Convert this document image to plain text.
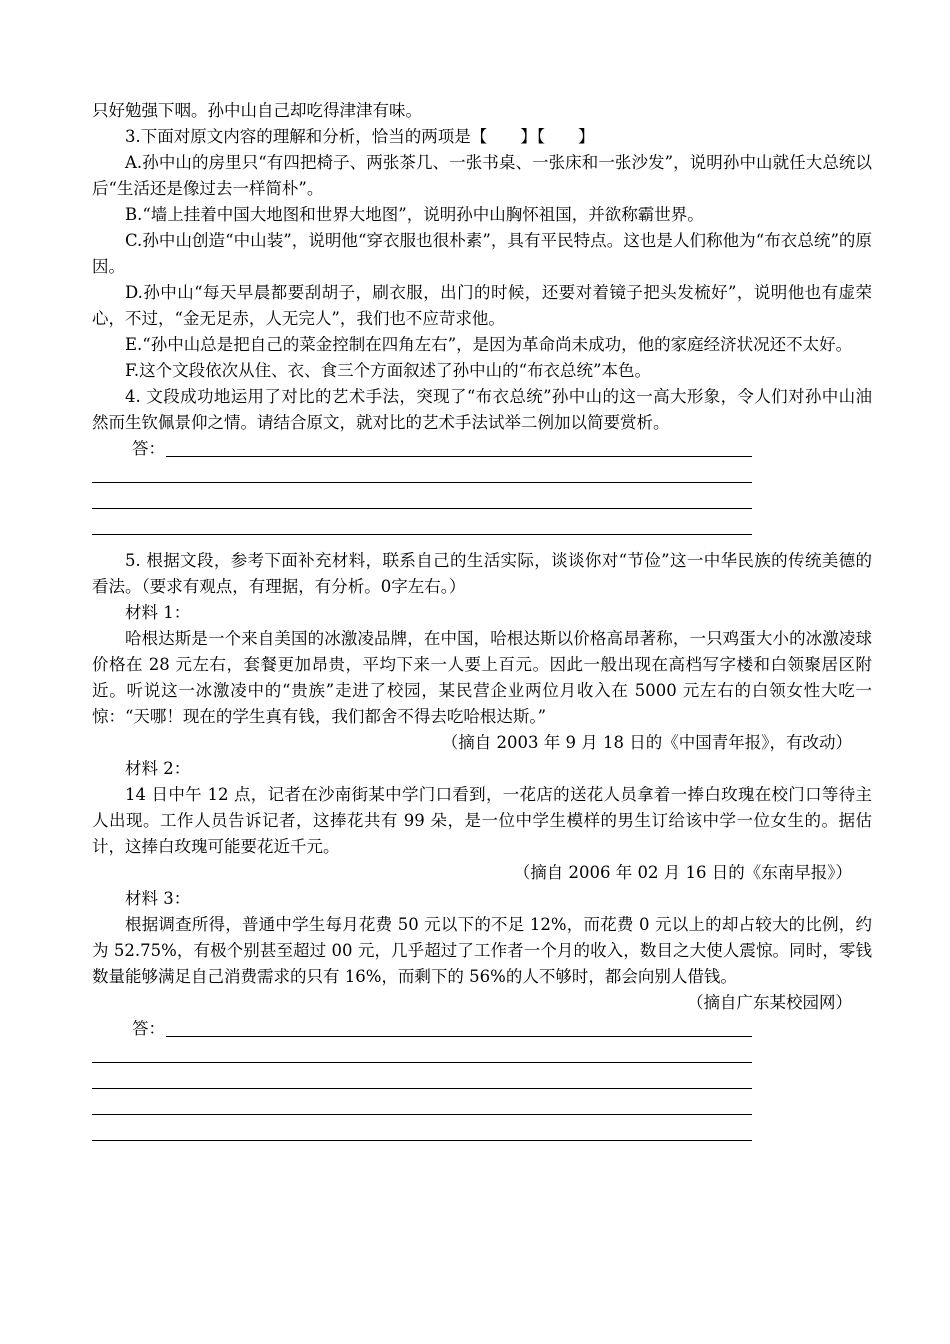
只好勉强下咽。孙中山自己却吃得津津有味。

3.下面对原文内容的理解和分析，恰当的两项是【　　】【　　】

A.孙中山的房里只“有四把椅子、两张茶几、一张书桌、一张床和一张沙发”，说明孙中山就任大总统以后“生活还是像过去一样简朴”。

B.“墙上挂着中国大地图和世界大地图”，说明孙中山胸怀祖国，并欲称霸世界。

C.孙中山创造“中山装”，说明他“穿衣服也很朴素”，具有平民特点。这也是人们称他为“布衣总统”的原因。

D.孙中山“每天早晨都要刮胡子，刷衣服，出门的时候，还要对着镜子把头发梳好”，说明他也有虚荣心，不过，“金无足赤，人无完人”，我们也不应苛求他。

E.“孙中山总是把自己的菜金控制在四角左右”，是因为革命尚未成功，他的家庭经济状况还不太好。

F.这个文段依次从住、衣、食三个方面叙述了孙中山的“布衣总统”本色。

4. 文段成功地运用了对比的艺术手法，突现了“布衣总统”孙中山的这一高大形象，令人们对孙中山油然而生钦佩景仰之情。请结合原文，就对比的艺术手法试举二例加以简要赏析。

答：

5. 根据文段，参考下面补充材料，联系自己的生活实际，谈谈你对“节俭”这一中华民族的传统美德的看法。（要求有观点，有理据，有分析。0字左右。）

材料 1：

哈根达斯是一个来自美国的冰激凌品牌，在中国，哈根达斯以价格高昂著称，一只鸡蛋大小的冰激凌球价格在 28 元左右，套餐更加昂贵，平均下来一人要上百元。因此一般出现在高档写字楼和白领聚居区附近。听说这一冰激凌中的“贵族”走进了校园，某民营企业两位月收入在 5000 元左右的白领女性大吃一惊：“天哪！现在的学生真有钱，我们都舍不得去吃哈根达斯。”

（摘自 2003 年 9 月 18 日的《中国青年报》，有改动）

材料 2：

14 日中午 12 点，记者在沙南街某中学门口看到，一花店的送花人员拿着一捧白玫瑰在校门口等待主人出现。工作人员告诉记者，这捧花共有 99 朵，是一位中学生模样的男生订给该中学一位女生的。据估计，这捧白玫瑰可能要花近千元。

（摘自 2006 年 02 月 16 日的《东南早报》）

材料 3：

根据调查所得，普通中学生每月花费 50 元以下的不足 12%，而花费 0 元以上的却占较大的比例，约为 52.75%，有极个别甚至超过 00 元，几乎超过了工作者一个月的收入，数目之大使人震惊。同时，零钱数量能够满足自己消费需求的只有 16%，而剩下的 56%的人不够时，都会向别人借钱。

（摘自广东某校园网）

答：
